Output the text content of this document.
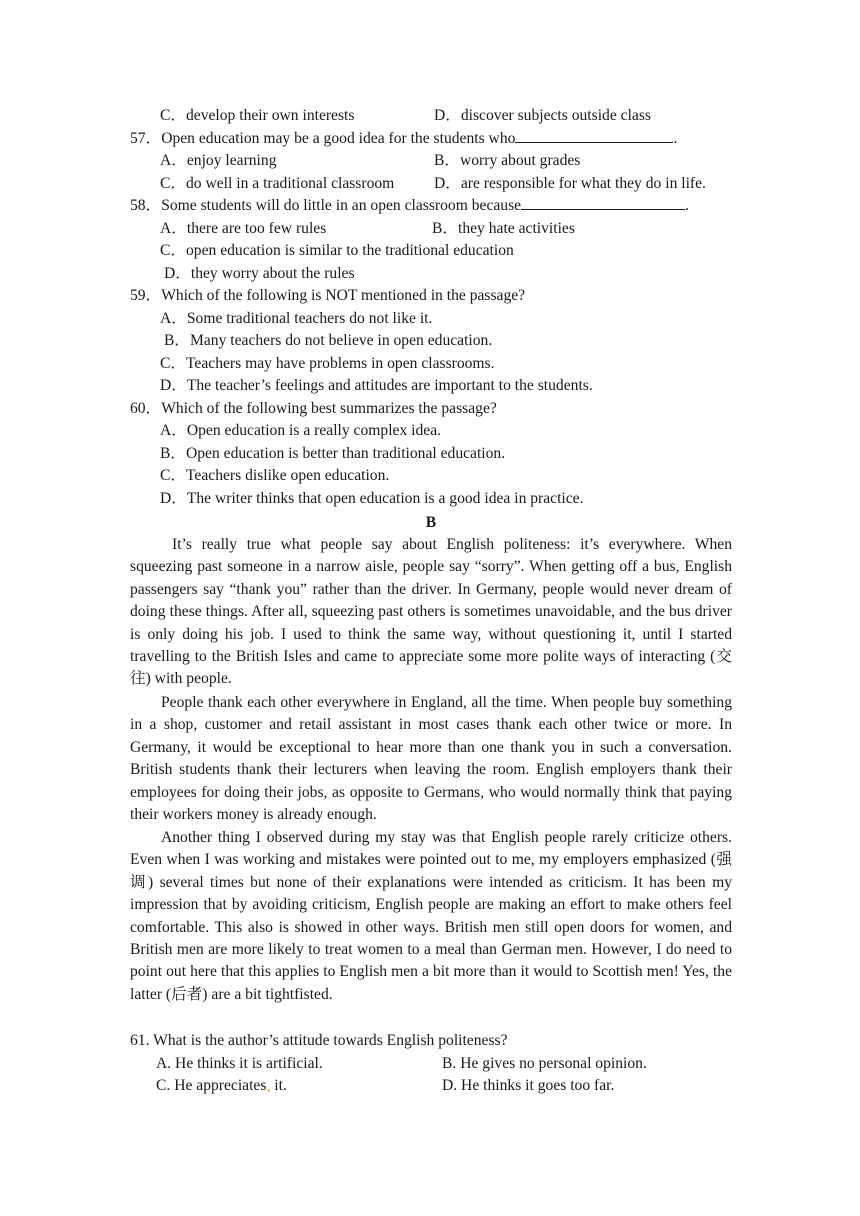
C．develop their own interests	D．discover subjects outside class
57．Open education may be a good idea for the students who	.
A．enjoy learning	B．worry about grades
C．do well in a traditional classroom	D．are responsible for what they do in life.
58．Some students will do little in an open classroom because	.
A．there are too few rules	B．they hate activities
C．open education is similar to the traditional education
D．they worry about the rules
59．Which of the following is NOT mentioned in the passage?
A．Some traditional teachers do not like it.
B．Many teachers do not believe in open education.
C．Teachers may have problems in open classrooms.
D．The teacher’s feelings and attitudes are important to the students.
60．Which of the following best summarizes the passage?
A．Open education is a really complex idea.
B．Open education is better than traditional education.
C．Teachers dislike open education.
D．The writer thinks that open education is a good idea in practice.
B
It’s really true what people say about English politeness: it’s everywhere. When squeezing past someone in a narrow aisle, people say “sorry”. When getting off a bus, English passengers say “thank you” rather than the driver. In Germany, people would never dream of doing these things. After all, squeezing past others is sometimes unavoidable, and the bus driver is only doing his job. I used to think the same way, without questioning it, until I started travelling to the British Isles and came to appreciate some more polite ways of interacting (交往) with people.
People thank each other everywhere in England, all the time. When people buy something in a shop, customer and retail assistant in most cases thank each other twice or more. In Germany, it would be exceptional to hear more than one thank you in such a conversation. British students thank their lecturers when leaving the room. English employers thank their employees for doing their jobs, as opposite to Germans, who would normally think that paying their workers money is already enough.
Another thing I observed during my stay was that English people rarely criticize others. Even when I was working and mistakes were pointed out to me, my employers emphasized (强调) several times but none of their explanations were intended as criticism. It has been my impression that by avoiding criticism, English people are making an effort to make others feel comfortable. This also is showed in other ways. British men still open doors for women, and British men are more likely to treat women to a meal than German men. However, I do need to point out here that this applies to English men a bit more than it would to Scottish men! Yes, the latter (后者) are a bit tightfisted.
61. What is the author’s attitude towards English politeness?
A. He thinks it is artificial.	B. He gives no personal opinion.
C. He appreciates it.	D. He thinks it goes too far.
